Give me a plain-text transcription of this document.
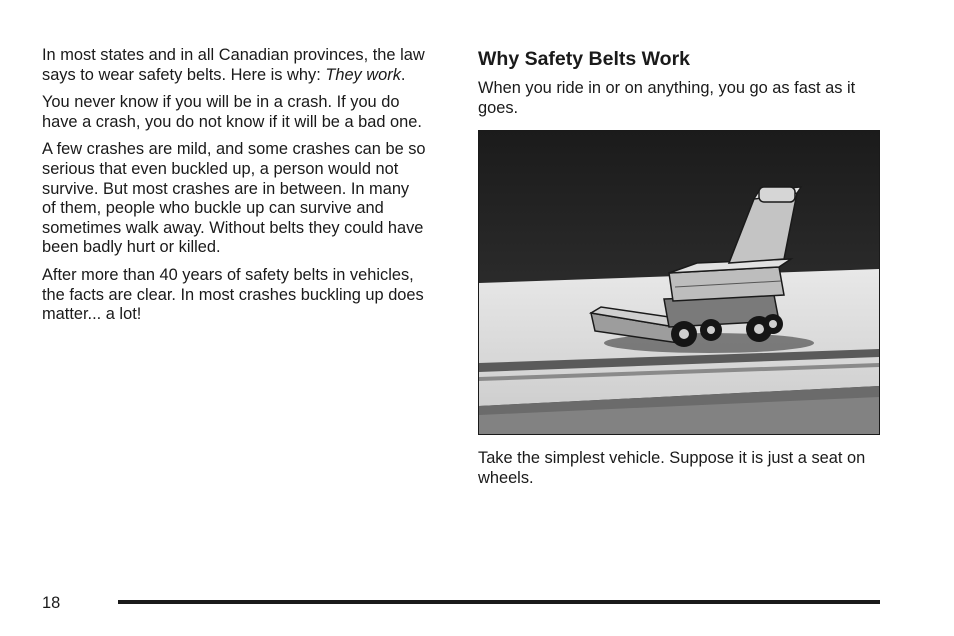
In most states and in all Canadian provinces, the law says to wear safety belts. Here is why: They work.

You never know if you will be in a crash. If you do have a crash, you do not know if it will be a bad one.

A few crashes are mild, and some crashes can be so serious that even buckled up, a person would not survive. But most crashes are in between. In many of them, people who buckle up can survive and sometimes walk away. Without belts they could have been badly hurt or killed.

After more than 40 years of safety belts in vehicles, the facts are clear. In most crashes buckling up does matter... a lot!

Why Safety Belts Work

When you ride in or on anything, you go as fast as it goes.

Take the simplest vehicle. Suppose it is just a seat on wheels.

18
